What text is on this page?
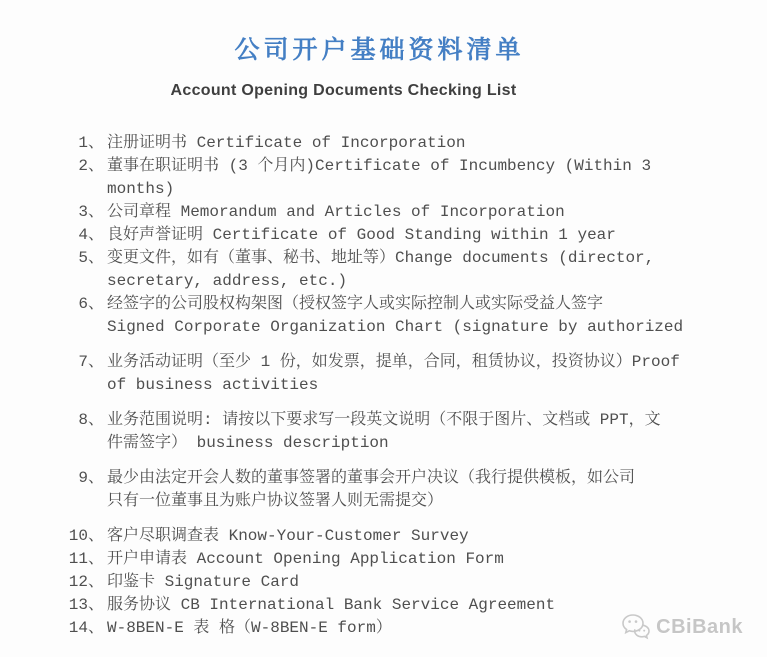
公司开户基础资料清单
Account Opening Documents Checking List
1、 注册证明书 Certificate of Incorporation
2、 董事在职证明书 (3 个月内)Certificate of Incumbency (Within 3
months)
3、 公司章程 Memorandum and Articles of Incorporation
4、 良好声誉证明 Certificate of Good Standing within 1 year
5、 变更文件，如有（董事、秘书、地址等）Change documents (director,
secretary, address, etc.)
6、 经签字的公司股权构架图（授权签字人或实际控制人或实际受益人签字
Signed Corporate Organization Chart (signature by authorized
7、 业务活动证明（至少 1 份，如发票，提单，合同，租赁协议，投资协议）Proof
of business activities
8、 业务范围说明: 请按以下要求写一段英文说明（不限于图片、文档或 PPT，文
件需签字） business description
9、 最少由法定开会人数的董事签署的董事会开户决议（我行提供模板，如公司
只有一位董事且为账户协议签署人则无需提交）
10、 客户尽职调查表 Know-Your-Customer Survey
11、 开户申请表 Account Opening Application Form
12、 印鉴卡 Signature Card
13、 服务协议 CB International Bank Service Agreement
14、 W-8BEN-E 表 格（W-8BEN-E form）	CBiBank
